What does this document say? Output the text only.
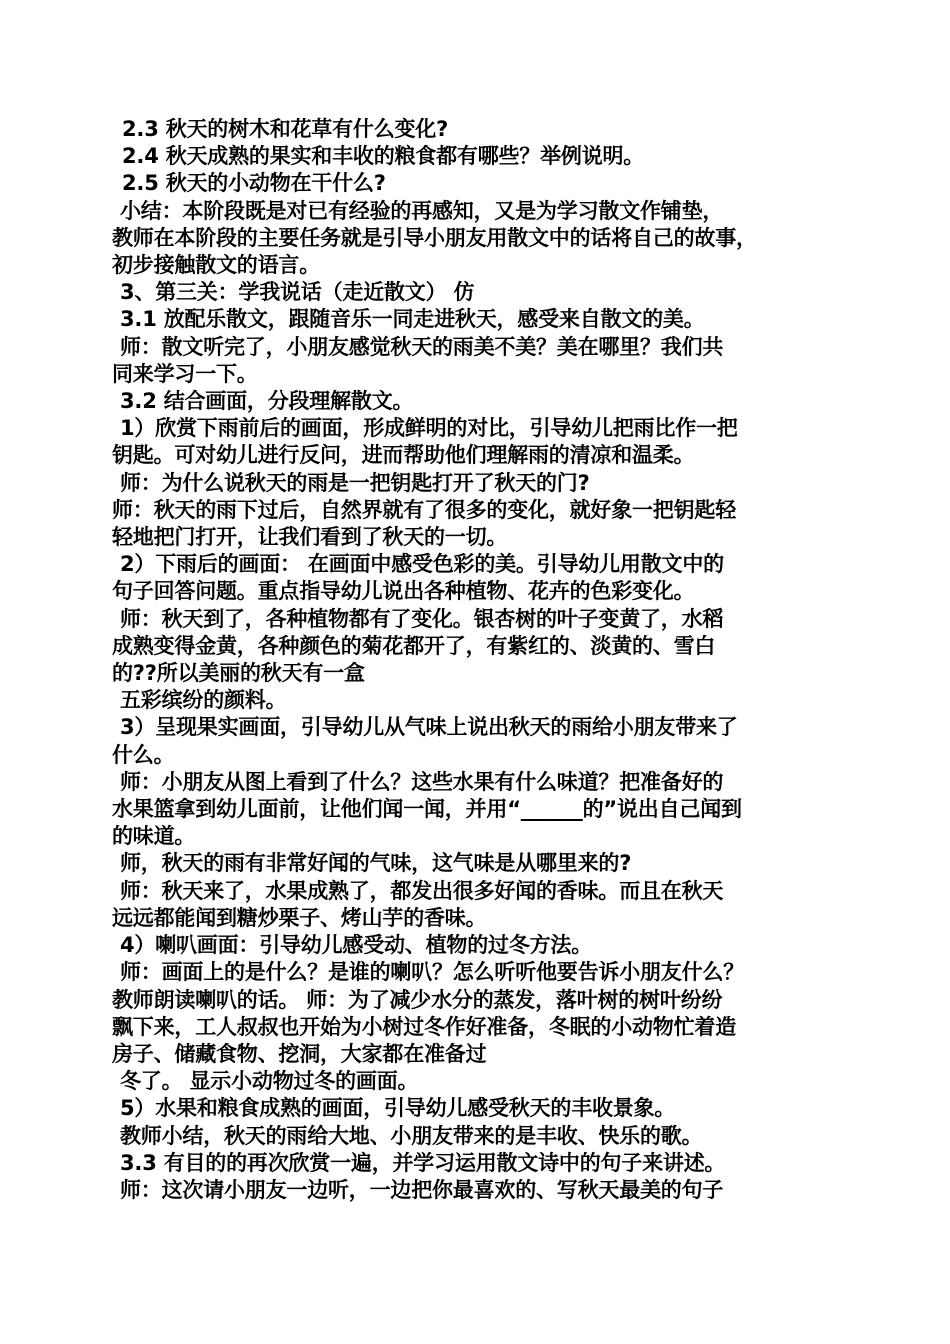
2.3 秋天的树木和花草有什么变化?

2.4 秋天成熟的果实和丰收的粮食都有哪些？举例说明。

2.5 秋天的小动物在干什么?

小结：本阶段既是对已有经验的再感知，又是为学习散文作铺垫，

教师在本阶段的主要任务就是引导小朋友用散文中的话将自己的故事，

初步接触散文的语言。

3、第三关：学我说话（走近散文） 仿

3.1 放配乐散文，跟随音乐一同走进秋天，感受来自散文的美。

师：散文听完了，小朋友感觉秋天的雨美不美？美在哪里？我们共

同来学习一下。

3.2 结合画面，分段理解散文。

1）欣赏下雨前后的画面，形成鲜明的对比，引导幼儿把雨比作一把

钥匙。可对幼儿进行反问，进而帮助他们理解雨的清凉和温柔。

师：为什么说秋天的雨是一把钥匙打开了秋天的门?

师：秋天的雨下过后，自然界就有了很多的变化，就好象一把钥匙轻

轻地把门打开，让我们看到了秋天的一切。

2）下雨后的画面： 在画面中感受色彩的美。引导幼儿用散文中的

句子回答问题。重点指导幼儿说出各种植物、花卉的色彩变化。

师：秋天到了，各种植物都有了变化。银杏树的叶子变黄了，水稻

成熟变得金黄，各种颜色的菊花都开了，有紫红的、淡黄的、雪白

的??所以美丽的秋天有一盒

五彩缤纷的颜料。

3）呈现果实画面，引导幼儿从气味上说出秋天的雨给小朋友带来了

什么。

师：小朋友从图上看到了什么？这些水果有什么味道？把准备好的

水果篮拿到幼儿面前，让他们闻一闻，并用“______的”说出自己闻到

的味道。

师，秋天的雨有非常好闻的气味，这气味是从哪里来的?

师：秋天来了，水果成熟了，都发出很多好闻的香味。而且在秋天

远远都能闻到糖炒栗子、烤山芋的香味。

4）喇叭画面：引导幼儿感受动、植物的过冬方法。

师：画面上的是什么？是谁的喇叭？怎么听听他要告诉小朋友什么？

教师朗读喇叭的话。 师：为了减少水分的蒸发，落叶树的树叶纷纷

飘下来，工人叔叔也开始为小树过冬作好准备，冬眠的小动物忙着造

房子、储藏食物、挖洞，大家都在准备过

冬了。 显示小动物过冬的画面。

5）水果和粮食成熟的画面，引导幼儿感受秋天的丰收景象。

教师小结，秋天的雨给大地、小朋友带来的是丰收、快乐的歌。

3.3 有目的的再次欣赏一遍，并学习运用散文诗中的句子来讲述。

师：这次请小朋友一边听，一边把你最喜欢的、写秋天最美的句子
